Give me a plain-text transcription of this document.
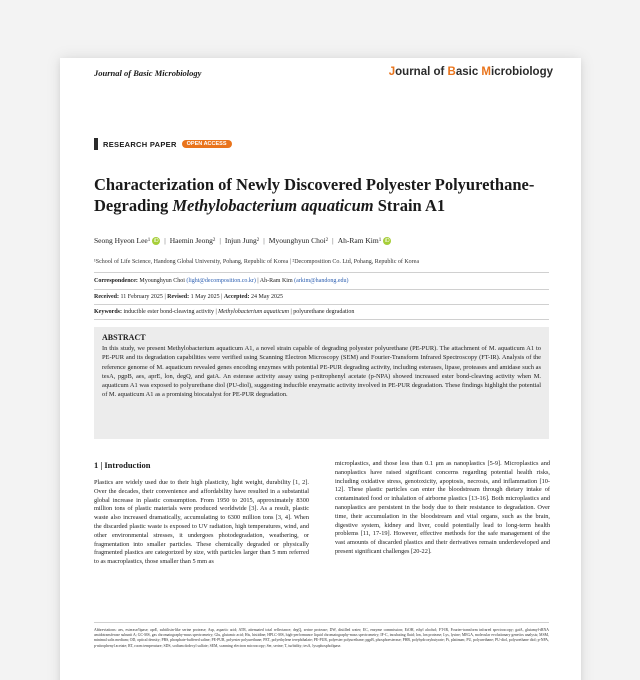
Journal of Basic Microbiology	Journal of Basic Microbiology
RESEARCH PAPER	OPEN ACCESS
Characterization of Newly Discovered Polyester Polyurethane-Degrading Methylobacterium aquaticum Strain A1
Seong Hyeon Lee 1 iD | Haemin Jeong 2 | Injun Jung 2 | Myounghyun Choi 2 | Ah-Ram Kim 1 iD
¹School of Life Science, Handong Global University, Pohang, Republic of Korea | ²Decomposition Co. Ltd, Pohang, Republic of Korea
Correspondence: Myounghyun Choi (light@decomposition.co.kr) | Ah-Ram Kim (arkim@handong.edu)
Received: 11 February 2025 | Revised: 1 May 2025 | Accepted: 24 May 2025
Keywords: inducible ester bond-cleaving activity | Methylobacterium aquaticum | polyurethane degradation
ABSTRACT
In this study, we present Methylobacterium aquaticum A1, a novel strain capable of degrading polyester polyurethane (PE-PUR). The attachment of M. aquaticum A1 to PE-PUR and its degradation capabilities were verified using Scanning Electron Microscopy (SEM) and Fourier-Transform Infrared Spectroscopy (FT-IR). Analysis of the reference genome of M. aquaticum revealed genes encoding enzymes with potential PE-PUR degrading activity, including esterases, lipase, proteases and amidase such as tesA, pgpB, aes, aprE, lon, degQ, and gatA. An esterase activity assay using p-nitrophenyl acetate (p-NPA) showed increased ester bond-cleaving activity when M. aquaticum A1 was exposed to polyurethane diol (PU-diol), suggesting inducible enzymatic activity involved in PE-PUR degradation. These findings highlight the potential of M. aquaticum A1 as a promising biocatalyst for PE-PUR degradation.
1 | Introduction
Plastics are widely used due to their high plasticity, light weight, durability [1, 2]. Over the decades, their convenience and affordability have resulted in a substantial global increase in plastic consumption. From 1950 to 2015, approximately 8300 million tons of plastic materials were produced worldwide [3]. As a result, plastic waste also increased dramatically, accumulating to 6300 million tons [3, 4]. When the discarded plastic waste is exposed to UV radiation, high temperatures, wind, and other environmental stresses, it undergoes photodegradation, weathering, or fragmentation into smaller particles. These chemically degraded or physically fragmented plastics are categorized by size, with particles larger than 5 mm referred to as macroplastics, those smaller than 5 mm as
microplastics, and those less than 0.1 μm as nanoplastics [5-9]. Microplastics and nanoplastics have raised significant concerns regarding potential health risks, including oxidative stress, genotoxicity, apoptosis, necrosis, and inflammation [10-12]. These plastic particles can enter the bloodstream through dietary intake of contaminated food or inhalation of airborne plastics [13-16]. Both microplastics and nanoplastics are persistent in the body due to their resistance to degradation. Over time, their accumulation in the bloodstream and vital organs, such as the brain, digestive system, kidney and liver, could potentially lead to long-term health problems [11, 17-19]. However, effective methods for the safe management of the vast amounts of discarded plastics and their derivatives remain underdeveloped and present significant challenges [20-22].
Abbreviations: aes, esterase/lipase; aprE, subtilisin-like serine protease; Asp, aspartic acid; ATR, attenuated total reflectance; degQ, serine protease; DW, distilled water; EC, enzyme commission; EtOH, ethyl alcohol; FT-IR, Fourier-transform infrared spectroscopy; gatA, glutamyl-tRNA amidotransferase subunit A; GC-MS, gas chromatography-mass spectrometry; Glu, glutamic acid; His, histidine; HPLC-MS, high-performance liquid chromatography-mass spectrometry; IF-C, incubating fluid; lon, lon protease; Lys, lysine; MEGA, molecular evolutionary genetics analysis; MSM, minimal salts medium; OD, optical density; PBS, phosphate-buffered saline; PE-PUR, polyester polyurethane; PET, polyethylene terephthalate; PE-PUR, polyester polyurethane; pgpB, phosphoesterase; PHB, polyhydroxybutyrate; Pi, platinum; PU, polyurethane; PU-diol, polyurethane diol; p-NPA, p-nitrophenyl acetate; RT, room temperature; SDS, sodium dodecyl sulfate; SEM, scanning electron microscopy; Ser, serine; T, turbidity; tesA, lysophospholipase.
